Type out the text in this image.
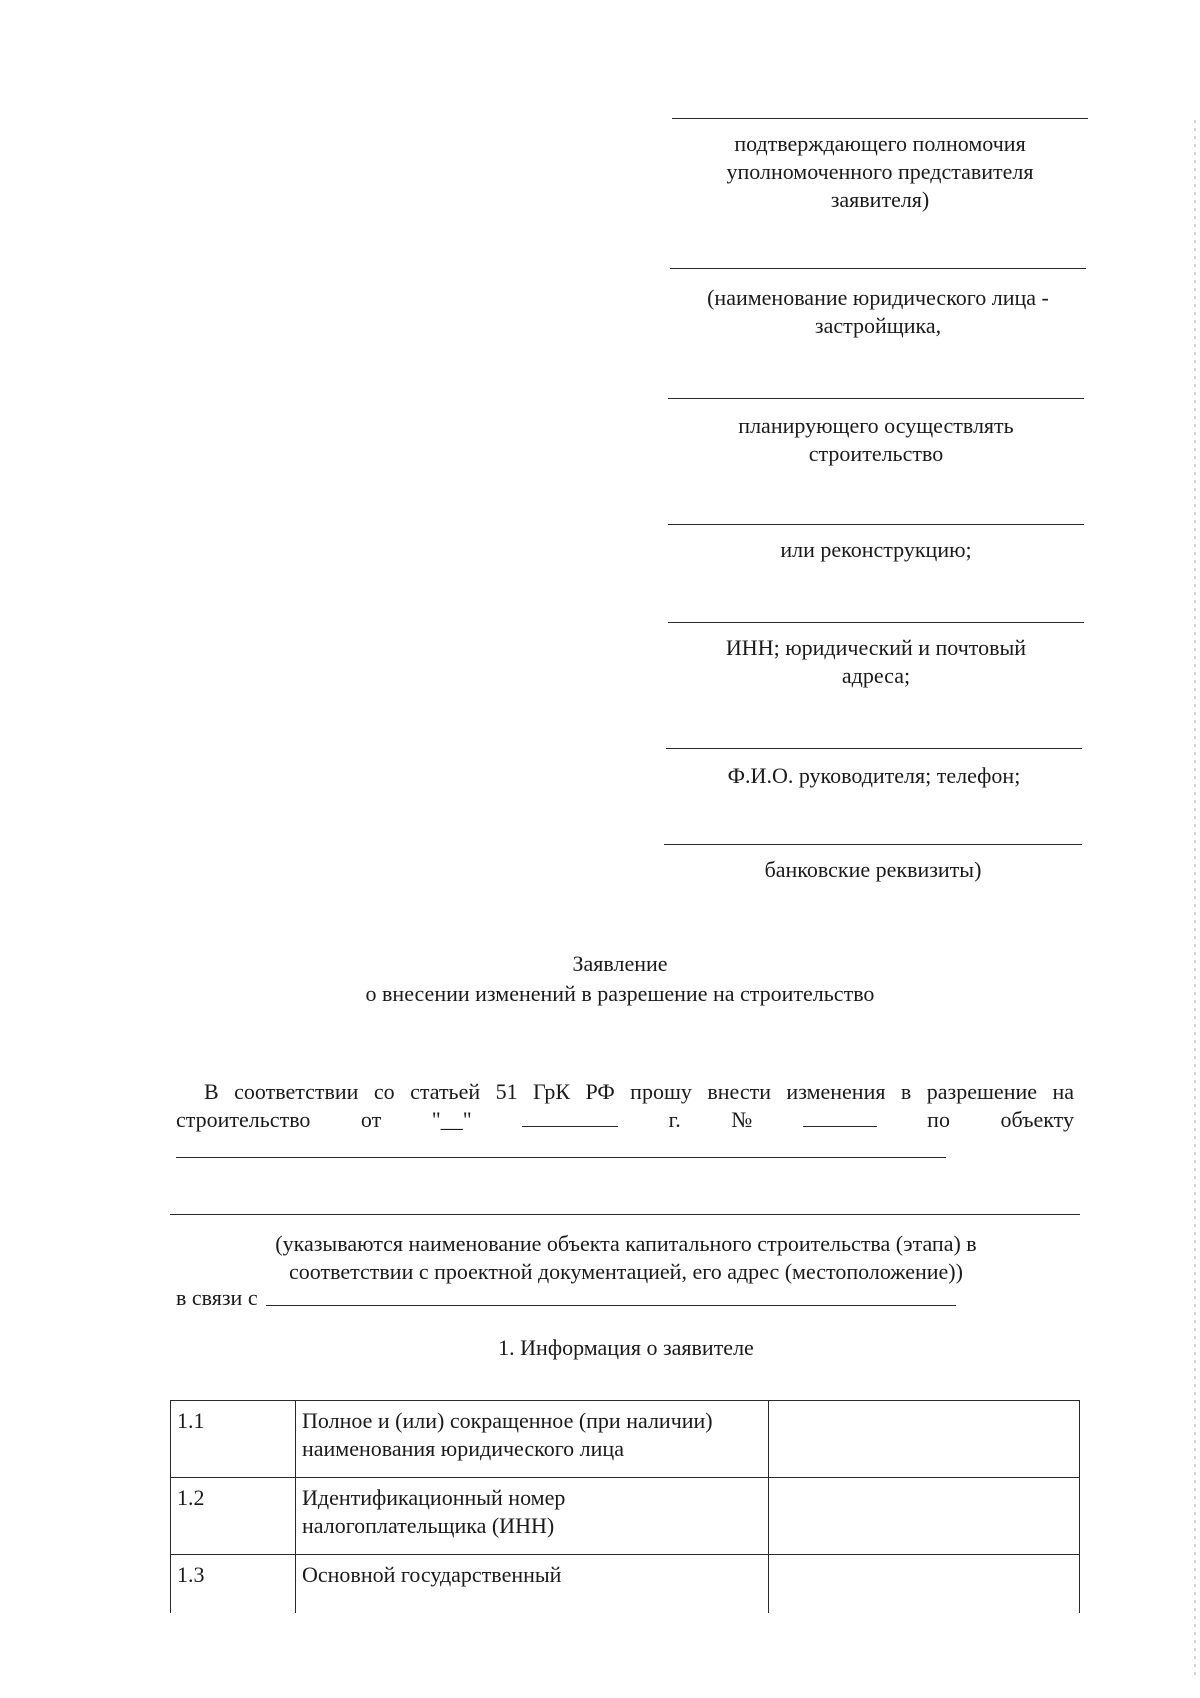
подтверждающего полномочия
уполномоченного представителя
заявителя)
(наименование юридического лица -
застройщика,
планирующего осуществлять
строительство
или реконструкцию;
ИНН; юридический и почтовый
адреса;
Ф.И.О. руководителя; телефон;
банковские реквизиты)
Заявление
о внесении изменений в разрешение на строительство
В соответствии со статьей 51 ГрК РФ прошу внести изменения в разрешение на
строительство от "__"	г. №	по объекту
(указываются наименование объекта капитального строительства (этапа) в
соответствии с проектной документацией, его адрес (местоположение))
в связи с
1. Информация о заявителе
1.1	Полное и (или) сокращенное (при наличии)
наименования юридического лица	

1.2	Идентификационный номер
налогоплательщика (ИНН)	

1.3	Основной государственный	
